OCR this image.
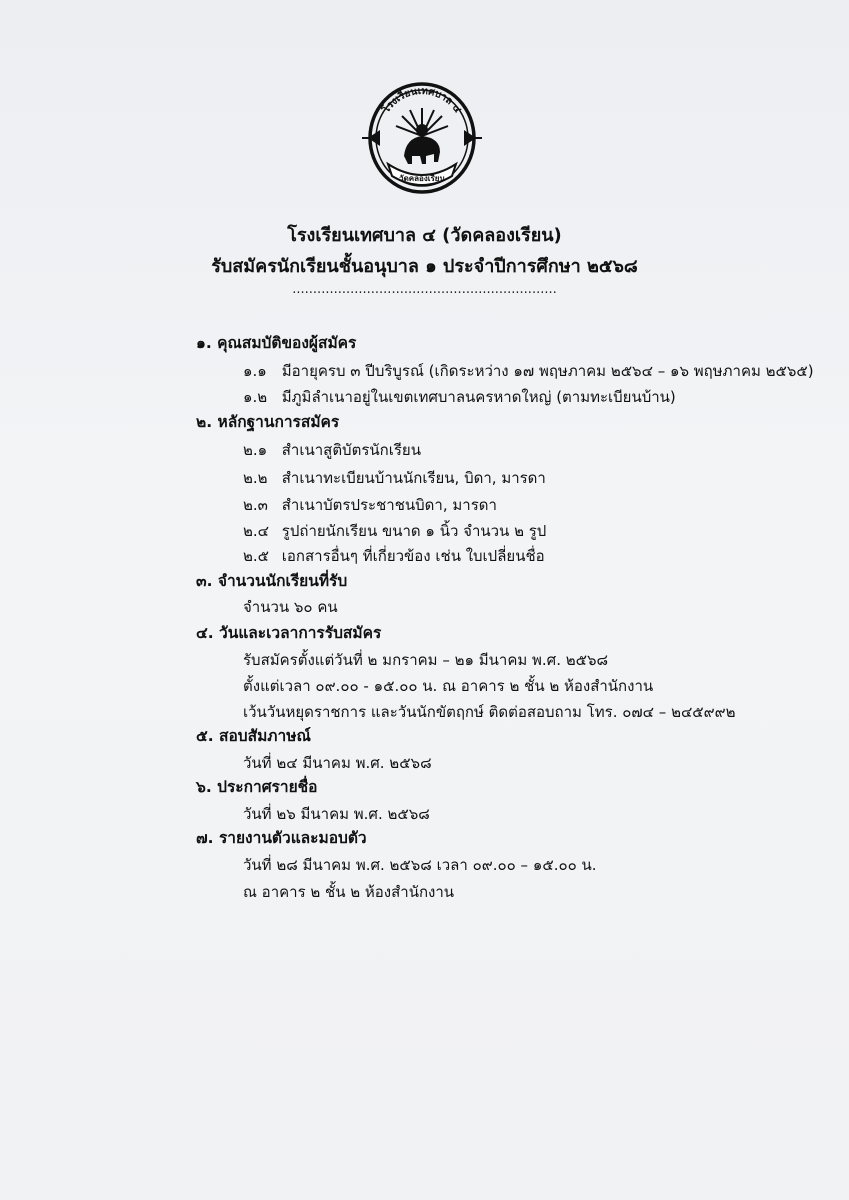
โรงเรียนเทศบาล ๔
วัดคลองเรียน
โรงเรียนเทศบาล ๔ (วัดคลองเรียน)
รับสมัครนักเรียนชั้นอนุบาล ๑ ประจำปีการศึกษา ๒๕๖๘
................................................................
๑. คุณสมบัติของผู้สมัคร
๑.๑ มีอายุครบ ๓ ปีบริบูรณ์ (เกิดระหว่าง ๑๗ พฤษภาคม ๒๕๖๔ – ๑๖ พฤษภาคม ๒๕๖๕)
๑.๒ มีภูมิลำเนาอยู่ในเขตเทศบาลนครหาดใหญ่ (ตามทะเบียนบ้าน)
๒. หลักฐานการสมัคร
๒.๑ สำเนาสูติบัตรนักเรียน
๒.๒ สำเนาทะเบียนบ้านนักเรียน, บิดา, มารดา
๒.๓ สำเนาบัตรประชาชนบิดา, มารดา
๒.๔ รูปถ่ายนักเรียน ขนาด ๑ นิ้ว จำนวน ๒ รูป
๒.๕ เอกสารอื่นๆ ที่เกี่ยวข้อง เช่น ใบเปลี่ยนชื่อ
๓. จำนวนนักเรียนที่รับ
จำนวน ๖๐ คน
๔. วันและเวลาการรับสมัคร
รับสมัครตั้งแต่วันที่ ๒ มกราคม – ๒๑ มีนาคม พ.ศ. ๒๕๖๘
ตั้งแต่เวลา ๐๙.๐๐ - ๑๕.๐๐ น. ณ อาคาร ๒ ชั้น ๒ ห้องสำนักงาน
เว้นวันหยุดราชการ และวันนักขัตฤกษ์ ติดต่อสอบถาม โทร. ๐๗๔ – ๒๔๕๙๙๒
๕. สอบสัมภาษณ์
วันที่ ๒๔ มีนาคม พ.ศ. ๒๕๖๘
๖. ประกาศรายชื่อ
วันที่ ๒๖ มีนาคม พ.ศ. ๒๕๖๘
๗. รายงานตัวและมอบตัว
วันที่ ๒๘ มีนาคม พ.ศ. ๒๕๖๘ เวลา ๐๙.๐๐ – ๑๕.๐๐ น.
ณ อาคาร ๒ ชั้น ๒ ห้องสำนักงาน
